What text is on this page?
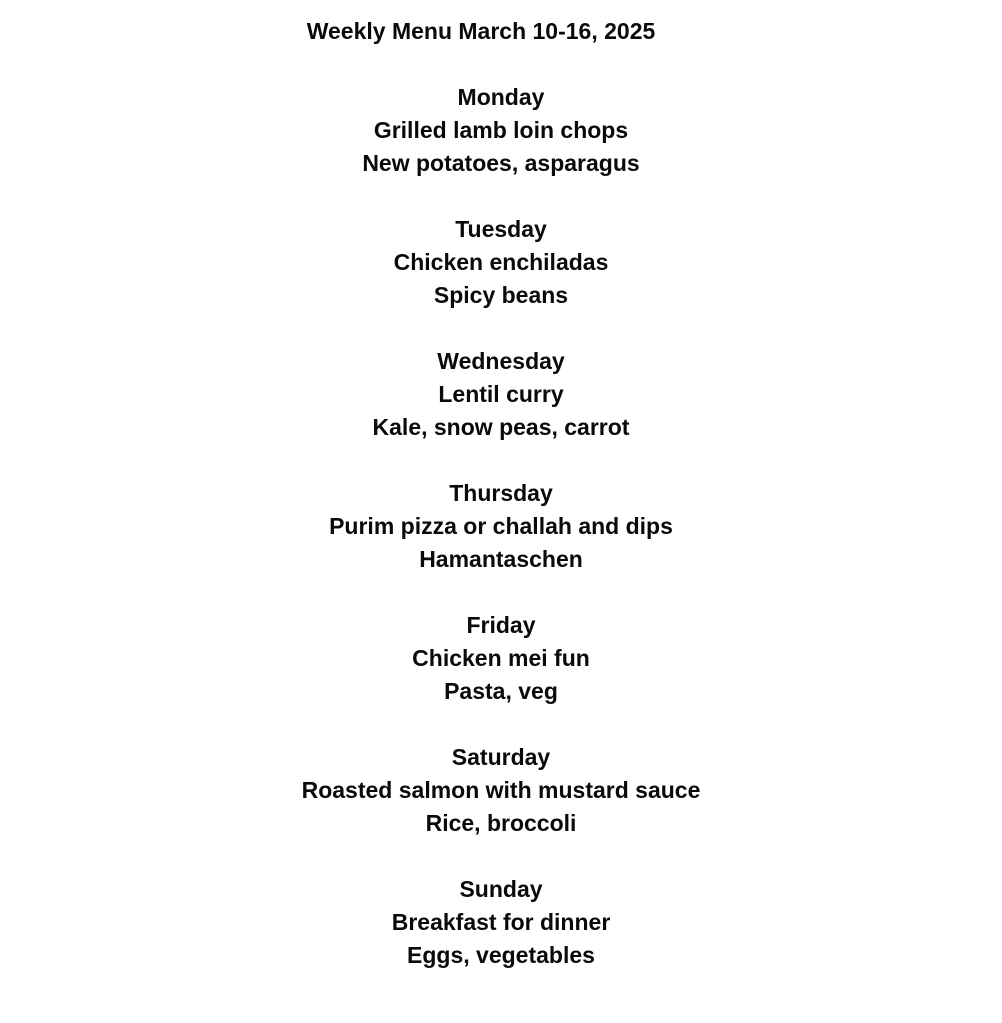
Weekly Menu March 10-16, 2025
Monday
Grilled lamb loin chops
New potatoes, asparagus
Tuesday
Chicken enchiladas
Spicy beans
Wednesday
Lentil curry
Kale, snow peas, carrot
Thursday
Purim pizza or challah and dips
Hamantaschen
Friday
Chicken mei fun
Pasta, veg
Saturday
Roasted salmon with mustard sauce
Rice, broccoli
Sunday
Breakfast for dinner
Eggs, vegetables
